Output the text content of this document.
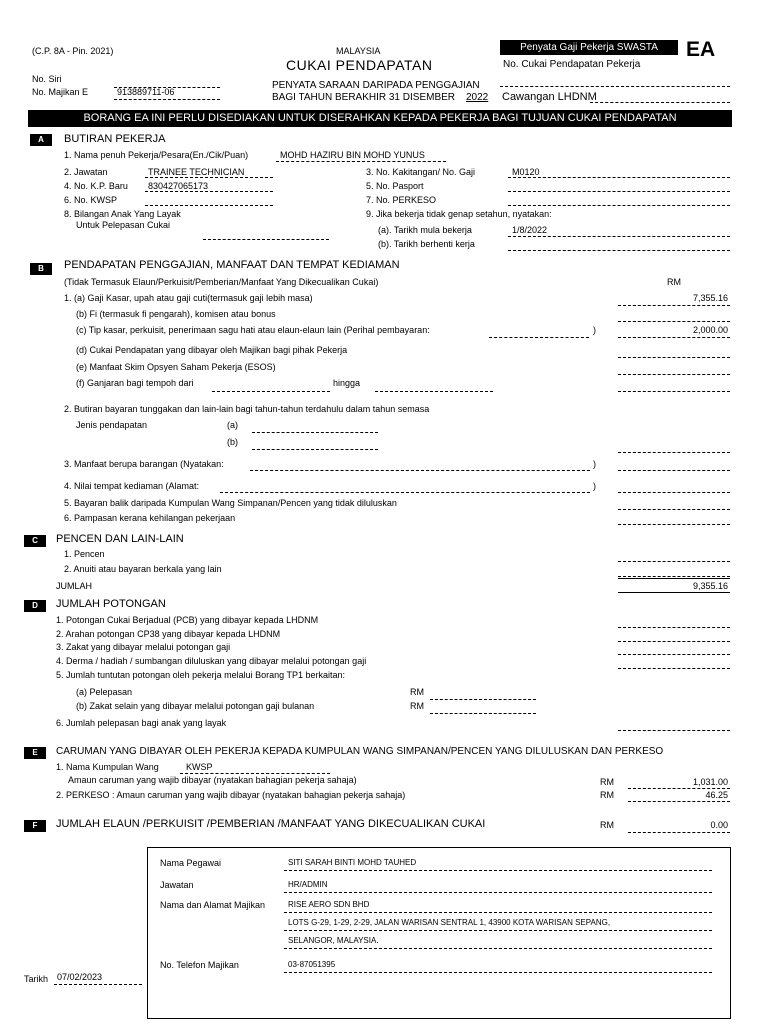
(C.P. 8A - Pin. 2021)	MALAYSIA
CUKAI PENDAPATAN
PENYATA SARAAN DARIPADA PENGGAJIAN
BAGI TAHUN BERAKHIR 31 DISEMBER 2022
No. Siri
No. Majikan E	913889711-06
Penyata Gaji Pekerja SWASTA	EA
No. Cukai Pendapatan Pekerja
Cawangan LHDNM
BORANG EA INI PERLU DISEDIAKAN UNTUK DISERAHKAN KEPADA PEKERJA BAGI TUJUAN CUKAI PENDAPATAN
A	BUTIRAN PEKERJA
1. Nama penuh Pekerja/Pesara(En./Cik/Puan)	MOHD HAZIRU BIN MOHD YUNUS
2. Jawatan	TRAINEE TECHNICIAN
4. No. K.P. Baru 830427065173
6. No. KWSP
8. Bilangan Anak Yang Layak
Untuk Pelepasan Cukai
3. No. Kakitangan/ No. Gaji	M0120
5. No. Pasport
7. No. PERKESO
9. Jika bekerja tidak genap setahun, nyatakan:
(a). Tarikh mula bekerja	1/8/2022
(b). Tarikh berhenti kerja
B	PENDAPATAN PENGGAJIAN, MANFAAT DAN TEMPAT KEDIAMAN
(Tidak Termasuk Elaun/Perkuisit/Pemberian/Manfaat Yang Dikecualikan Cukai)	RM
1. (a) Gaji Kasar, upah atau gaji cuti(termasuk gaji lebih masa)	7,355.16
(b) Fi (termasuk fi pengarah), komisen atau bonus
(c) Tip kasar, perkuisit, penerimaan sagu hati atau elaun-elaun lain (Perihal pembayaran:	)	2,000.00
(d) Cukai Pendapatan yang dibayar oleh Majikan bagi pihak Pekerja
(e) Manfaat Skim Opsyen Saham Pekerja (ESOS)
(f) Ganjaran bagi tempoh dari	hingga
2. Butiran bayaran tunggakan dan lain-lain bagi tahun-tahun terdahulu dalam tahun semasa
Jenis pendapatan	(a)
(b)
3. Manfaat berupa barangan (Nyatakan:	)
4. Nilai tempat kediaman (Alamat:	)
5. Bayaran balik daripada Kumpulan Wang Simpanan/Pencen yang tidak diluluskan
6. Pampasan kerana kehilangan pekerjaan
C	PENCEN DAN LAIN-LAIN
1. Pencen
2. Anuiti atau bayaran berkala yang lain
JUMLAH	9,355.16
D	JUMLAH POTONGAN
1. Potongan Cukai Berjadual (PCB) yang dibayar kepada LHDNM
2. Arahan potongan CP38 yang dibayar kepada LHDNM
3. Zakat yang dibayar melalui potongan gaji
4. Derma / hadiah / sumbangan diluluskan yang dibayar melalui potongan gaji
5. Jumlah tuntutan potongan oleh pekerja melalui Borang TP1 berkaitan:
(a) Pelepasan	RM
(b) Zakat selain yang dibayar melalui potongan gaji bulanan	RM
6. Jumlah pelepasan bagi anak yang layak
E	CARUMAN YANG DIBAYAR OLEH PEKERJA KEPADA KUMPULAN WANG SIMPANAN/PENCEN YANG DILULUSKAN DAN PERKESO
1. Nama Kumpulan Wang	KWSP
Amaun caruman yang wajib dibayar (nyatakan bahagian pekerja sahaja)	RM	1,031.00
2. PERKESO : Amaun caruman yang wajib dibayar (nyatakan bahagian pekerja sahaja)	RM	46.25
F	JUMLAH ELAUN /PERKUISIT /PEMBERIAN /MANFAAT YANG DIKECUALIKAN CUKAI	RM	0.00
Nama Pegawai	SITI SARAH BINTI MOHD TAUHED
Jawatan	HR/ADMIN
Nama dan Alamat Majikan	RISE AERO SDN BHD
LOTS G-29, 1-29, 2-29, JALAN WARISAN SENTRAL 1, 43900 KOTA WARISAN SEPANG,
SELANGOR, MALAYSIA.
No. Telefon Majikan	03-87051395
Tarikh 07/02/2023
